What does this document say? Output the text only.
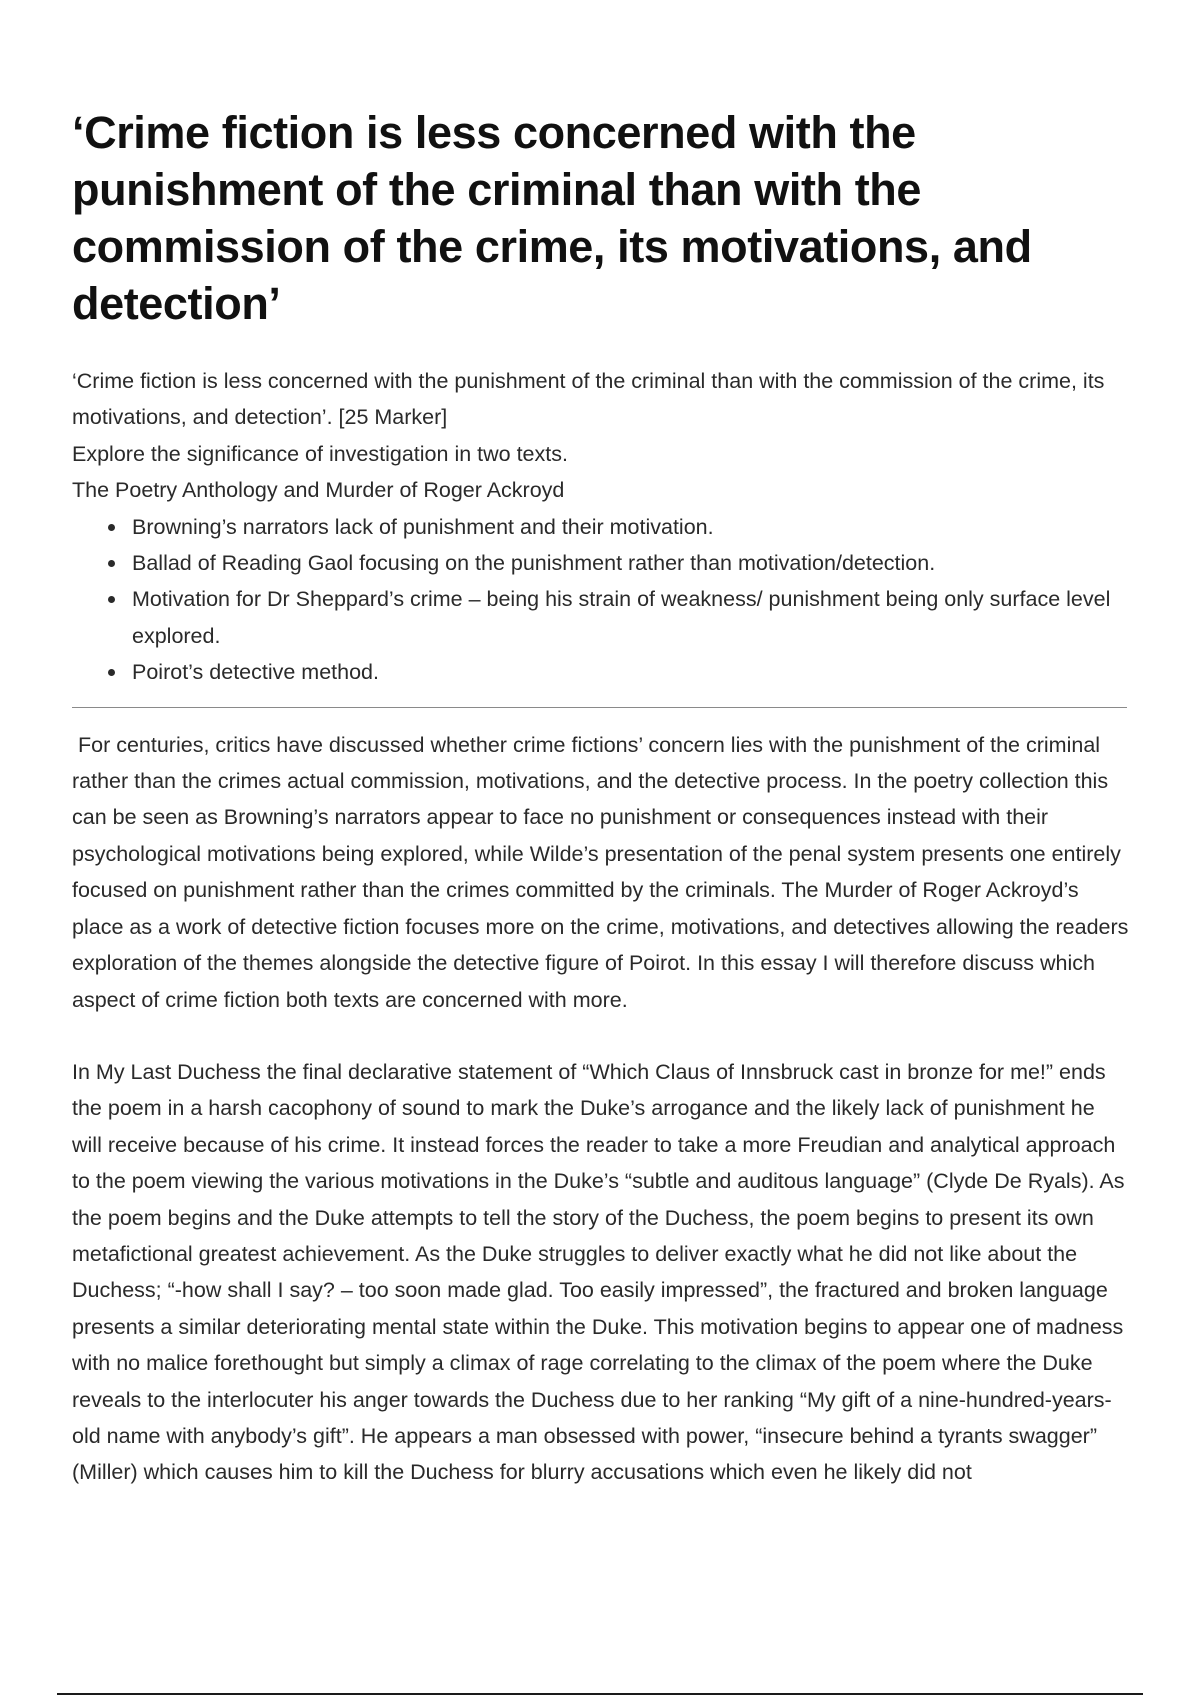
‘Crime fiction is less concerned with the punishment of the criminal than with the commission of the crime, its motivations, and detection’

‘Crime fiction is less concerned with the punishment of the criminal than with the commission of the crime, its motivations, and detection’. [25 Marker]

Explore the significance of investigation in two texts.

The Poetry Anthology and Murder of Roger Ackroyd

Browning’s narrators lack of punishment and their motivation.
Ballad of Reading Gaol focusing on the punishment rather than motivation/detection.
Motivation for Dr Sheppard’s crime – being his strain of weakness/ punishment being only surface level explored.
Poirot’s detective method.

For centuries, critics have discussed whether crime fictions’ concern lies with the punishment of the criminal rather than the crimes actual commission, motivations, and the detective process. In the poetry collection this can be seen as Browning’s narrators appear to face no punishment or consequences instead with their psychological motivations being explored, while Wilde’s presentation of the penal system presents one entirely focused on punishment rather than the crimes committed by the criminals. The Murder of Roger Ackroyd’s place as a work of detective fiction focuses more on the crime, motivations, and detectives allowing the readers exploration of the themes alongside the detective figure of Poirot. In this essay I will therefore discuss which aspect of crime fiction both texts are concerned with more.

In My Last Duchess the final declarative statement of “Which Claus of Innsbruck cast in bronze for me!” ends the poem in a harsh cacophony of sound to mark the Duke’s arrogance and the likely lack of punishment he will receive because of his crime. It instead forces the reader to take a more Freudian and analytical approach to the poem viewing the various motivations in the Duke’s “subtle and auditous language” (Clyde De Ryals). As the poem begins and the Duke attempts to tell the story of the Duchess, the poem begins to present its own metafictional greatest achievement. As the Duke struggles to deliver exactly what he did not like about the Duchess; “-how shall I say? – too soon made glad. Too easily impressed”, the fractured and broken language presents a similar deteriorating mental state within the Duke. This motivation begins to appear one of madness with no malice forethought but simply a climax of rage correlating to the climax of the poem where the Duke reveals to the interlocuter his anger towards the Duchess due to her ranking “My gift of a nine-hundred-years-old name with anybody’s gift”. He appears a man obsessed with power, “insecure behind a tyrants swagger” (Miller) which causes him to kill the Duchess for blurry accusations which even he likely did not
